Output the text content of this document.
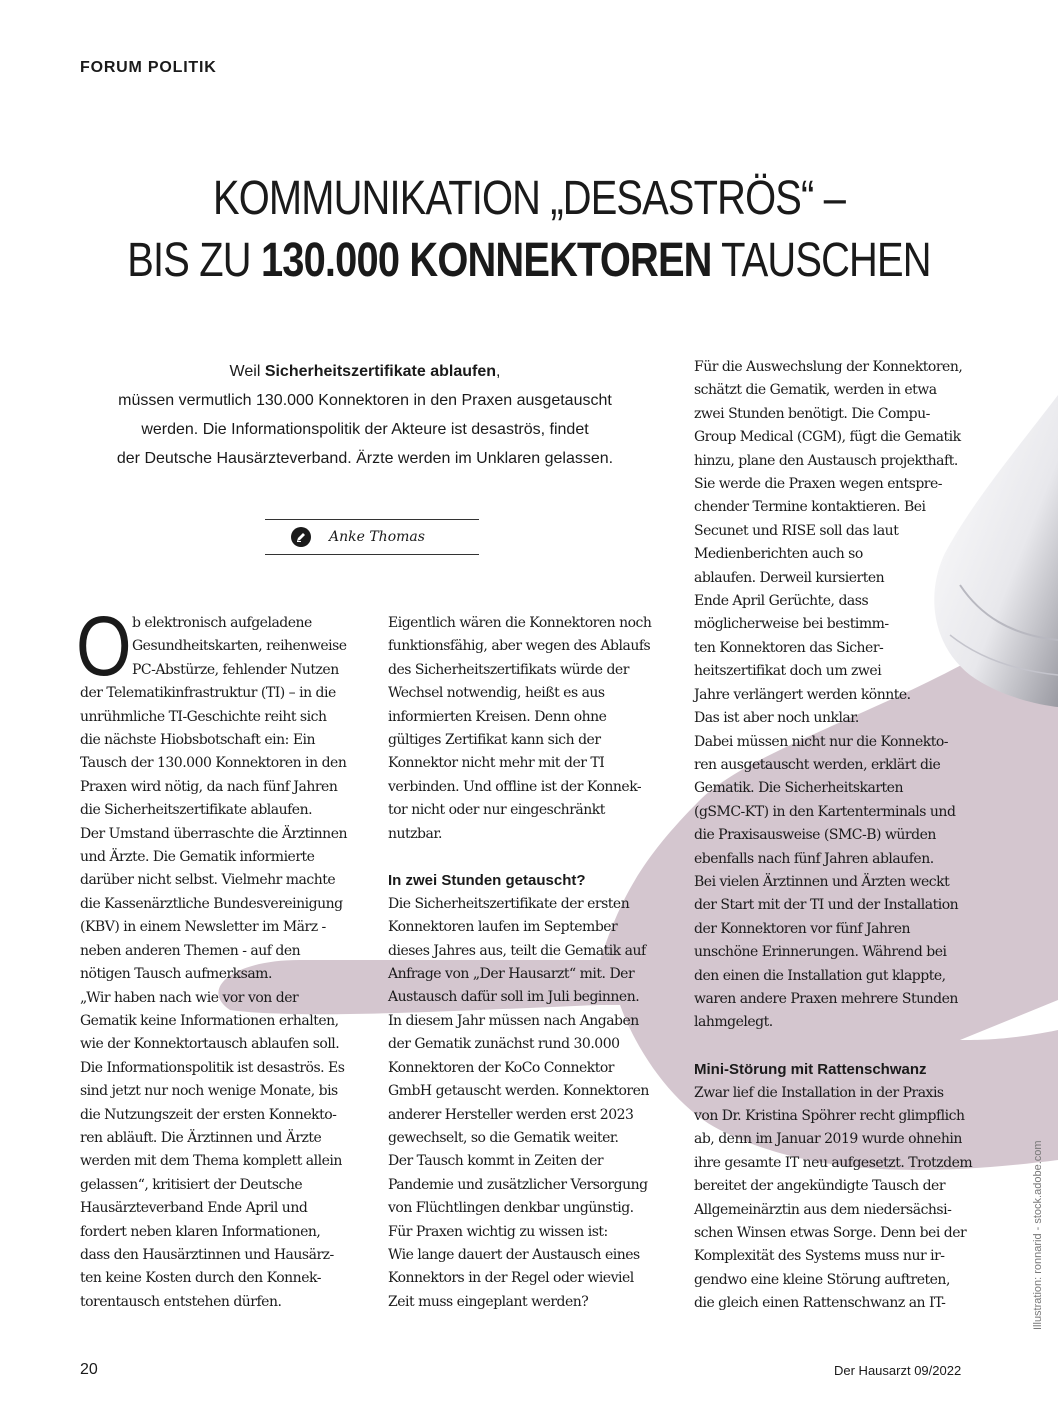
FORUM POLITIK
KOMMUNIKATION „DESASTRÖS“ –
BIS ZU 130.000 KONNEKTOREN TAUSCHEN
Weil Sicherheitszertifikate ablaufen,
müssen vermutlich 130.000 Konnektoren in den Praxen ausgetauscht
werden. Die Informationspolitik der Akteure ist desaströs, findet
der Deutsche Hausärzteverband. Ärzte werden im Unklaren gelassen.
Anke Thomas
O b elektronisch aufgeladene
Gesundheitskarten, reihenweise
PC-Abstürze, fehlender Nutzen
der Telematikinfrastruktur (TI) – in die
unrühmliche TI-Geschichte reiht sich
die nächste Hiobsbotschaft ein: Ein
Tausch der 130.000 Konnektoren in den
Praxen wird nötig, da nach fünf Jahren
die Sicherheitszertifikate ablaufen.
Der Umstand überraschte die Ärztinnen
und Ärzte. Die Gematik informierte
darüber nicht selbst. Vielmehr machte
die Kassenärztliche Bundesvereinigung
(KBV) in einem Newsletter im März -
neben anderen Themen - auf den
nötigen Tausch aufmerksam.
„Wir haben nach wie vor von der
Gematik keine Informationen erhalten,
wie der Konnektortausch ablaufen soll.
Die Informationspolitik ist desaströs. Es
sind jetzt nur noch wenige Monate, bis
die Nutzungszeit der ersten Konnekto-
ren abläuft. Die Ärztinnen und Ärzte
werden mit dem Thema komplett allein
gelassen“, kritisiert der Deutsche
Hausärzteverband Ende April und
fordert neben klaren Informationen,
dass den Hausärztinnen und Hausärz-
ten keine Kosten durch den Konnek-
torentausch entstehen dürfen.
Eigentlich wären die Konnektoren noch
funktionsfähig, aber wegen des Ablaufs
des Sicherheitszertifikats würde der
Wechsel notwendig, heißt es aus
informierten Kreisen. Denn ohne
gültiges Zertifikat kann sich der
Konnektor nicht mehr mit der TI
verbinden. Und offline ist der Konnek-
tor nicht oder nur eingeschränkt
nutzbar.
In zwei Stunden getauscht?
Die Sicherheitszertifikate der ersten
Konnektoren laufen im September
dieses Jahres aus, teilt die Gematik auf
Anfrage von „Der Hausarzt“ mit. Der
Austausch dafür soll im Juli beginnen.
In diesem Jahr müssen nach Angaben
der Gematik zunächst rund 30.000
Konnektoren der KoCo Connektor
GmbH getauscht werden. Konnektoren
anderer Hersteller werden erst 2023
gewechselt, so die Gematik weiter.
Der Tausch kommt in Zeiten der
Pandemie und zusätzlicher Versorgung
von Flüchtlingen denkbar ungünstig.
Für Praxen wichtig zu wissen ist:
Wie lange dauert der Austausch eines
Konnektors in der Regel oder wieviel
Zeit muss eingeplant werden?
Für die Auswechslung der Konnektoren,
schätzt die Gematik, werden in etwa
zwei Stunden benötigt. Die Compu-
Group Medical (CGM), fügt die Gematik
hinzu, plane den Austausch projekthaft.
Sie werde die Praxen wegen entspre-
chender Termine kontaktieren. Bei
Secunet und RISE soll das laut
Medienberichten auch so
ablaufen. Derweil kursierten
Ende April Gerüchte, dass
möglicherweise bei bestimm-
ten Konnektoren das Sicher-
heitszertifikat doch um zwei
Jahre verlängert werden könnte.
Das ist aber noch unklar.
Dabei müssen nicht nur die Konnekto-
ren ausgetauscht werden, erklärt die
Gematik. Die Sicherheitskarten
(gSMC-KT) in den Kartenterminals und
die Praxisausweise (SMC-B) würden
ebenfalls nach fünf Jahren ablaufen.
Bei vielen Ärztinnen und Ärzten weckt
der Start mit der TI und der Installation
der Konnektoren vor fünf Jahren
unschöne Erinnerungen. Während bei
den einen die Installation gut klappte,
waren andere Praxen mehrere Stunden
lahmgelegt.
Mini-Störung mit Rattenschwanz
Zwar lief die Installation in der Praxis
von Dr. Kristina Spöhrer recht glimpflich
ab, denn im Januar 2019 wurde ohnehin
ihre gesamte IT neu aufgesetzt. Trotzdem
bereitet der angekündigte Tausch der
Allgemeinärztin aus dem niedersächsi-
schen Winsen etwas Sorge. Denn bei der
Komplexität des Systems muss nur ir-
gendwo eine kleine Störung auftreten,
die gleich einen Rattenschwanz an IT-	Illustration: ronnarid - stock.adobe.com
20	Der Hausarzt 09/2022
